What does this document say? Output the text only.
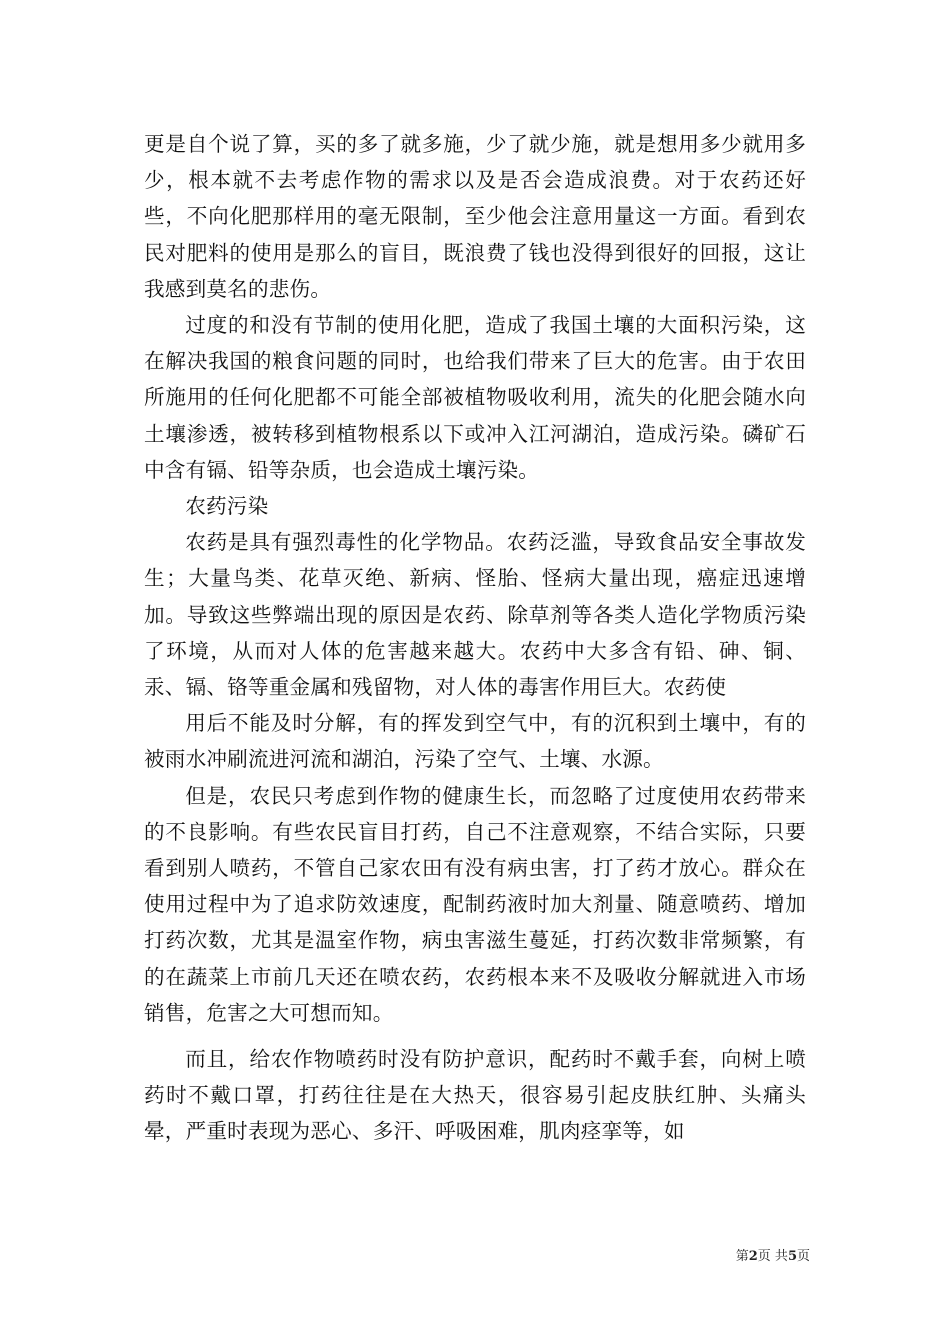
更是自个说了算，买的多了就多施，少了就少施，就是想用多少就用多少，根本就不去考虑作物的需求以及是否会造成浪费。对于农药还好些，不向化肥那样用的毫无限制，至少他会注意用量这一方面。看到农民对肥料的使用是那么的盲目，既浪费了钱也没得到很好的回报，这让我感到莫名的悲伤。

过度的和没有节制的使用化肥，造成了我国土壤的大面积污染，这在解决我国的粮食问题的同时，也给我们带来了巨大的危害。由于农田所施用的任何化肥都不可能全部被植物吸收利用，流失的化肥会随水向土壤渗透，被转移到植物根系以下或冲入江河湖泊，造成污染。磷矿石中含有镉、铅等杂质，也会造成土壤污染。

农药污染

农药是具有强烈毒性的化学物品。农药泛滥，导致食品安全事故发生；大量鸟类、花草灭绝、新病、怪胎、怪病大量出现，癌症迅速增加。导致这些弊端出现的原因是农药、除草剂等各类人造化学物质污染了环境，从而对人体的危害越来越大。农药中大多含有铅、砷、铜、汞、镉、铬等重金属和残留物，对人体的毒害作用巨大。农药使

用后不能及时分解，有的挥发到空气中，有的沉积到土壤中，有的被雨水冲刷流进河流和湖泊，污染了空气、土壤、水源。

但是，农民只考虑到作物的健康生长，而忽略了过度使用农药带来的不良影响。有些农民盲目打药，自己不注意观察，不结合实际，只要看到别人喷药，不管自己家农田有没有病虫害，打了药才放心。群众在使用过程中为了追求防效速度，配制药液时加大剂量、随意喷药、增加打药次数，尤其是温室作物，病虫害滋生蔓延，打药次数非常频繁，有的在蔬菜上市前几天还在喷农药，农药根本来不及吸收分解就进入市场销售，危害之大可想而知。

而且，给农作物喷药时没有防护意识，配药时不戴手套，向树上喷药时不戴口罩，打药往往是在大热天，很容易引起皮肤红肿、头痛头晕，严重时表现为恶心、多汗、呼吸困难，肌肉痉挛等，如

第2页 共5页
